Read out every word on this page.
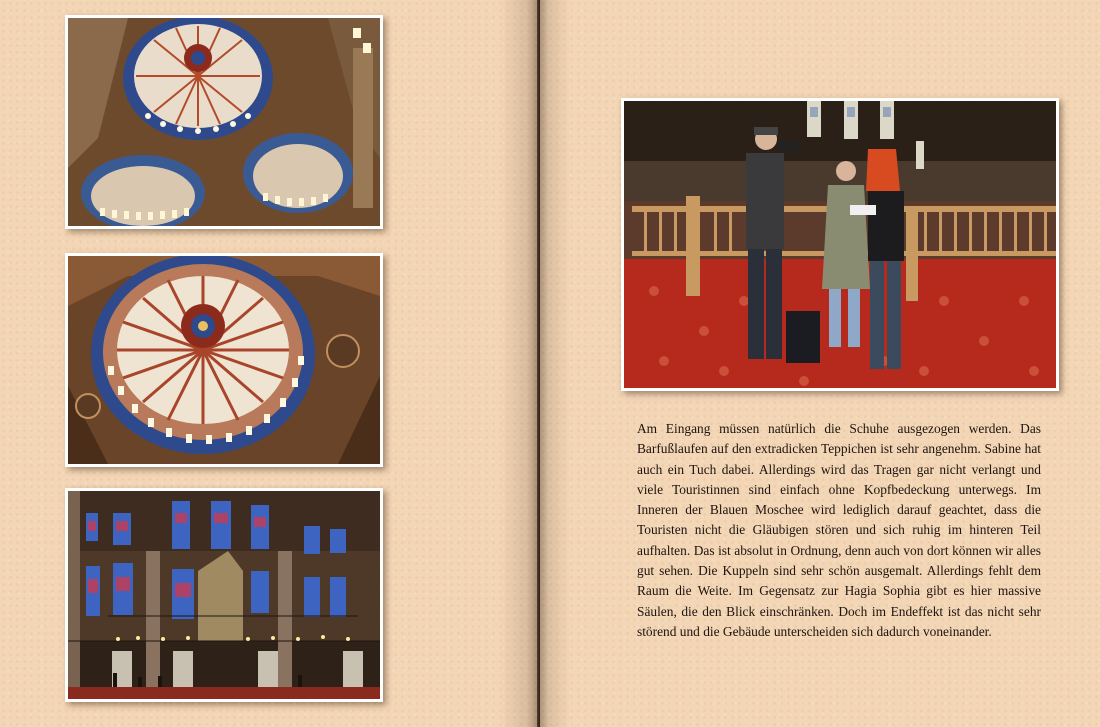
Am Eingang müssen natürlich die Schuhe ausgezogen werden. Das Barfußlaufen auf den extradicken Teppichen ist sehr angenehm. Sabine hat auch ein Tuch dabei. Allerdings wird das Tragen gar nicht verlangt und viele Touristinnen sind einfach ohne Kopfbedeckung unterwegs. Im Inneren der Blauen Moschee wird lediglich darauf geachtet, dass die Touristen nicht die Gläubigen stören und sich ruhig im hinteren Teil aufhalten. Das ist absolut in Ordnung, denn auch von dort können wir alles gut sehen. Die Kuppeln sind sehr schön ausgemalt. Allerdings fehlt dem Raum die Weite. Im Gegensatz zur Hagia Sophia gibt es hier massive Säulen, die den Blick einschränken. Doch im Endeffekt ist das nicht sehr störend und die Gebäude unterscheiden sich dadurch voneinander.
